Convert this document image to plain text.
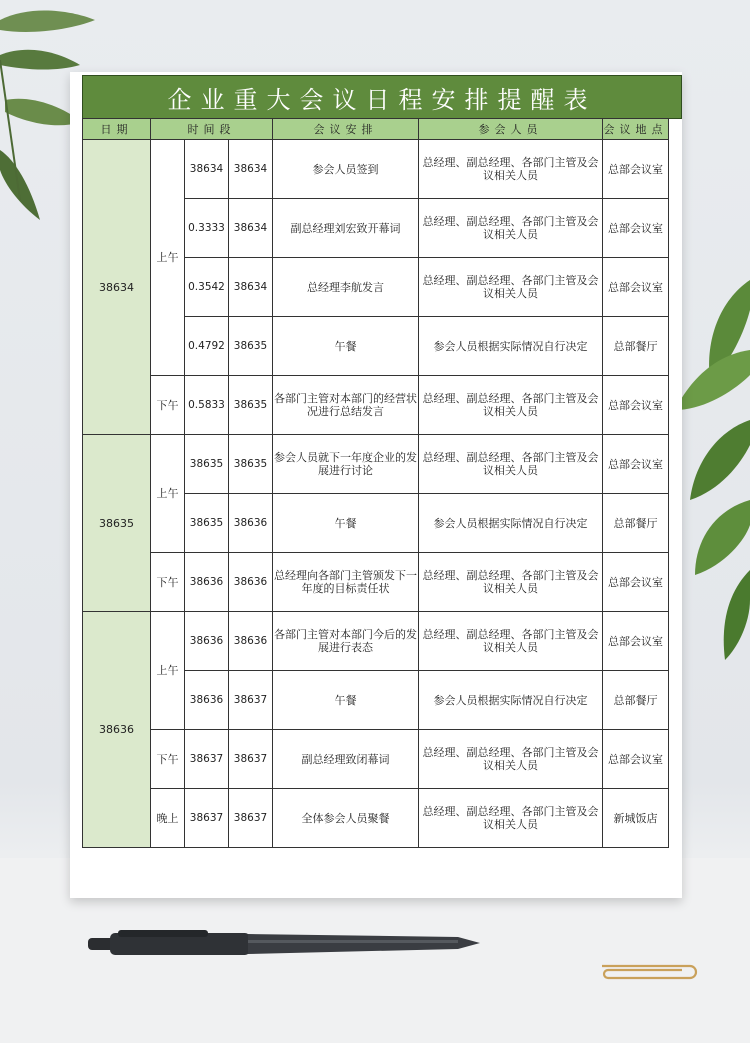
企业重大会议日程安排提醒表
日期	时间段			会议安排	参会人员	会议地点
38634	上午	38634	38634	参会人员签到	总经理、副总经理、各部门主管及会议相关人员	总部会议室
		0.3333	38634	副总经理刘宏致开幕词	总经理、副总经理、各部门主管及会议相关人员	总部会议室
		0.3542	38634	总经理李航发言	总经理、副总经理、各部门主管及会议相关人员	总部会议室
		0.4792	38635	午餐	参会人员根据实际情况自行决定	总部餐厅
	下午	0.5833	38635	各部门主管对本部门的经营状况进行总结发言	总经理、副总经理、各部门主管及会议相关人员	总部会议室
38635	上午	38635	38635	参会人员就下一年度企业的发展进行讨论	总经理、副总经理、各部门主管及会议相关人员	总部会议室
		38635	38636	午餐	参会人员根据实际情况自行决定	总部餐厅
	下午	38636	38636	总经理向各部门主管颁发下一年度的目标责任状	总经理、副总经理、各部门主管及会议相关人员	总部会议室
38636	上午	38636	38636	各部门主管对本部门今后的发展进行表态	总经理、副总经理、各部门主管及会议相关人员	总部会议室
		38636	38637	午餐	参会人员根据实际情况自行决定	总部餐厅
	下午	38637	38637	副总经理致闭幕词	总经理、副总经理、各部门主管及会议相关人员	总部会议室
	晚上	38637	38637	全体参会人员聚餐	总经理、副总经理、各部门主管及会议相关人员	新城饭店
